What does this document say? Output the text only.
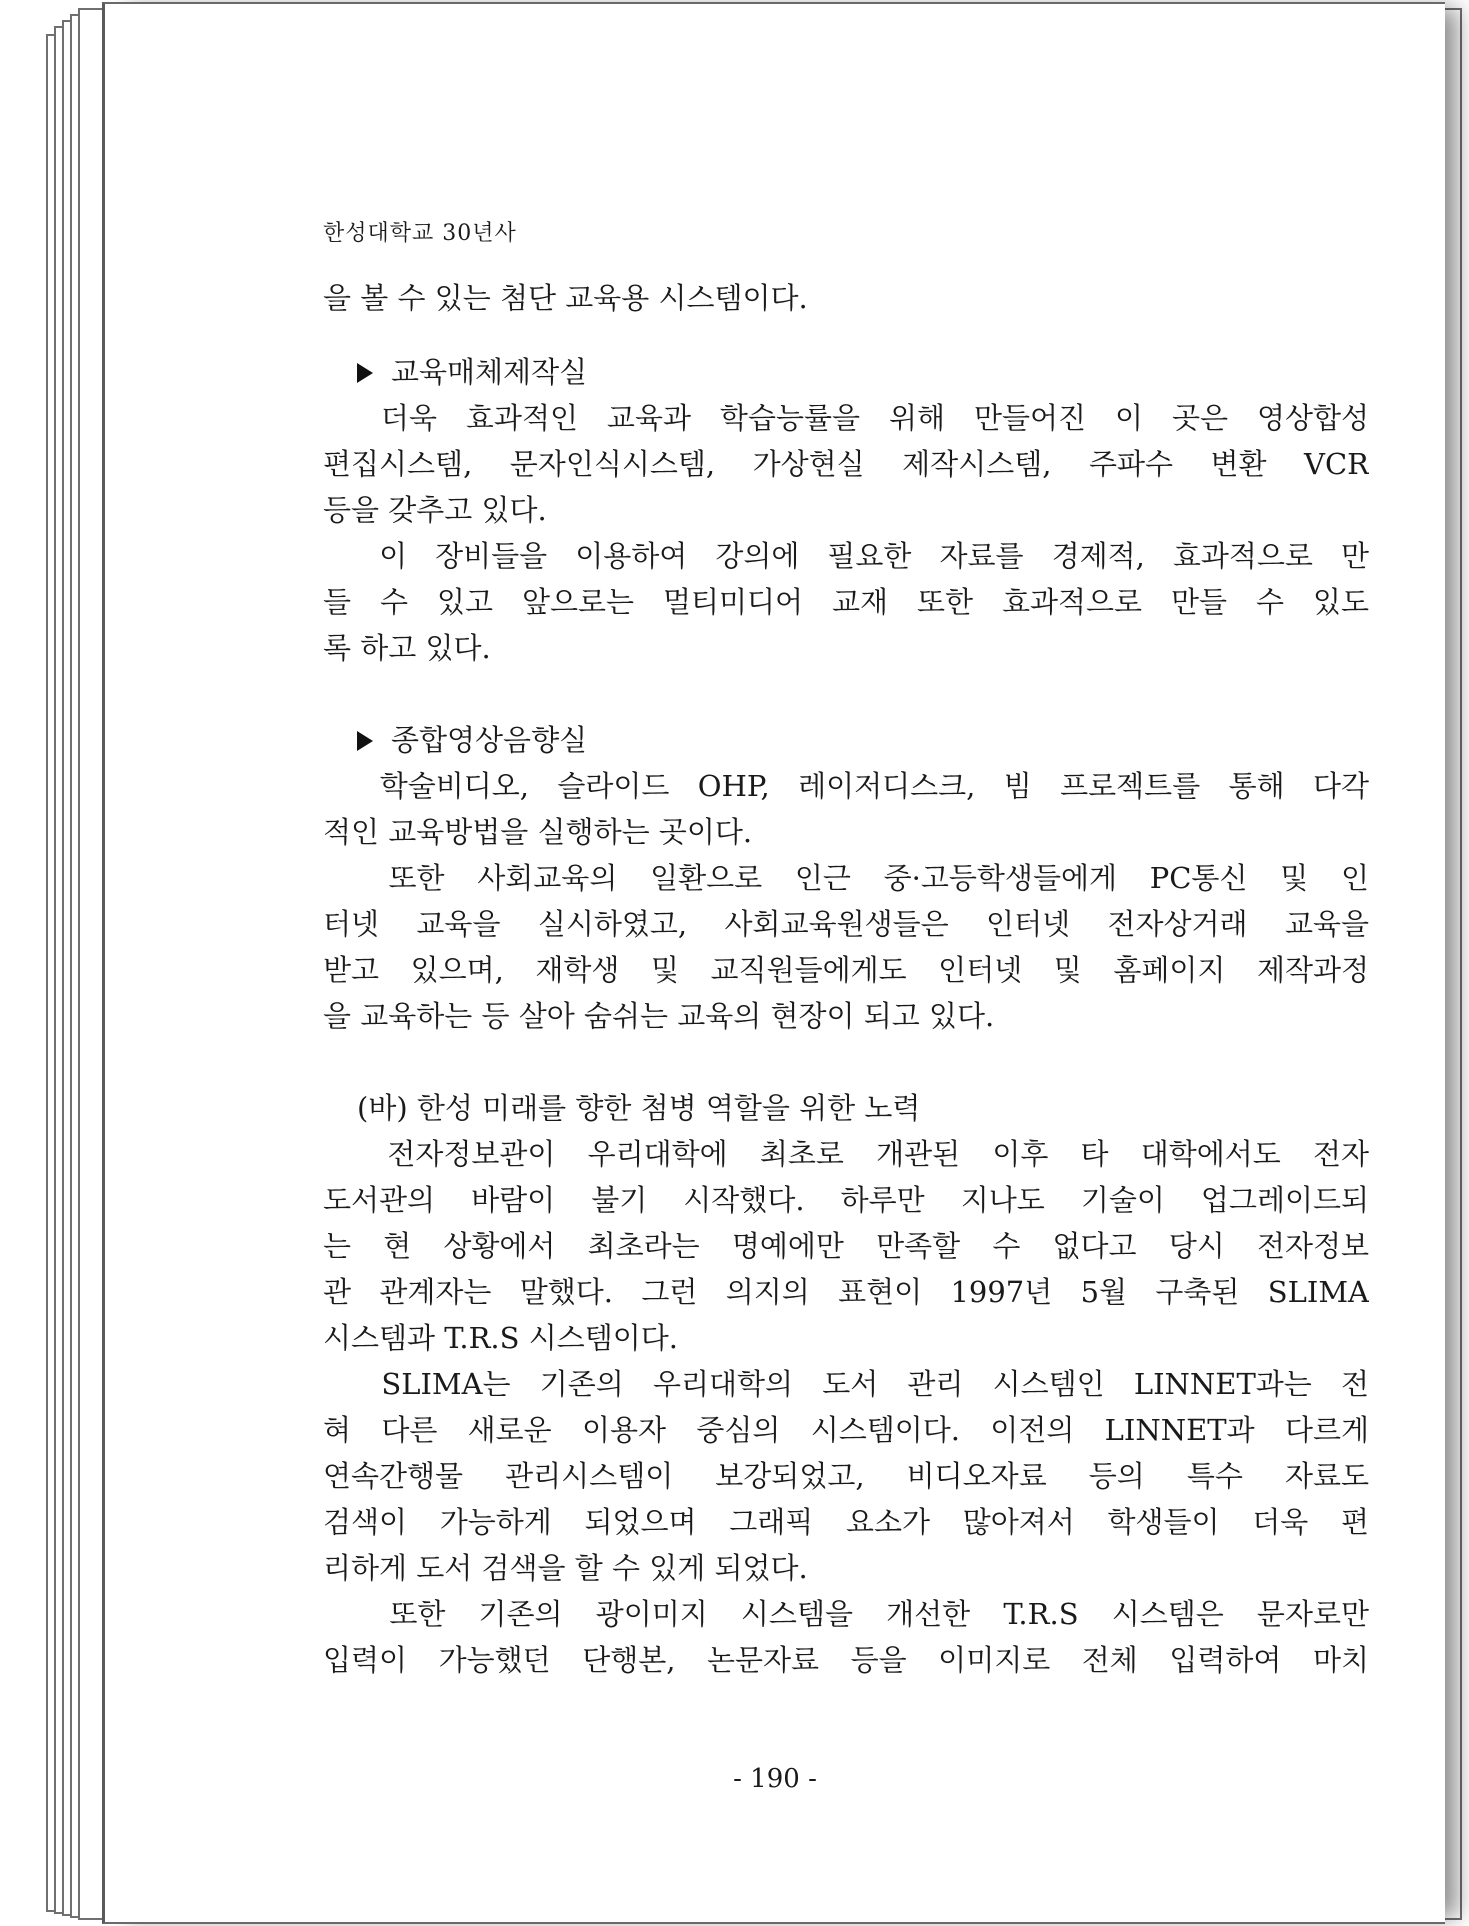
한성대학교 30년사
을 볼 수 있는 첨단 교육용 시스템이다.
교육매체제작실
더욱 효과적인 교육과 학습능률을 위해 만들어진 이 곳은 영상합성
편집시스템, 문자인식시스템, 가상현실 제작시스템, 주파수 변환 VCR
등을 갖추고 있다.
이 장비들을 이용하여 강의에 필요한 자료를 경제적, 효과적으로 만
들 수 있고 앞으로는 멀티미디어 교재 또한 효과적으로 만들 수 있도
록 하고 있다.
종합영상음향실
학술비디오, 슬라이드 OHP, 레이저디스크, 빔 프로젝트를 통해 다각
적인 교육방법을 실행하는 곳이다.
또한 사회교육의 일환으로 인근 중·고등학생들에게 PC통신 및 인
터넷 교육을 실시하였고, 사회교육원생들은 인터넷 전자상거래 교육을
받고 있으며, 재학생 및 교직원들에게도 인터넷 및 홈페이지 제작과정
을 교육하는 등 살아 숨쉬는 교육의 현장이 되고 있다.
(바) 한성 미래를 향한 첨병 역할을 위한 노력
전자정보관이 우리대학에 최초로 개관된 이후 타 대학에서도 전자
도서관의 바람이 불기 시작했다. 하루만 지나도 기술이 업그레이드되
는 현 상황에서 최초라는 명예에만 만족할 수 없다고 당시 전자정보
관 관계자는 말했다. 그런 의지의 표현이 1997년 5월 구축된 SLIMA
시스템과 T.R.S 시스템이다.
SLIMA는 기존의 우리대학의 도서 관리 시스템인 LINNET과는 전
혀 다른 새로운 이용자 중심의 시스템이다. 이전의 LINNET과 다르게
연속간행물 관리시스템이 보강되었고, 비디오자료 등의 특수 자료도
검색이 가능하게 되었으며 그래픽 요소가 많아져서 학생들이 더욱 편
리하게 도서 검색을 할 수 있게 되었다.
또한 기존의 광이미지 시스템을 개선한 T.R.S 시스템은 문자로만
입력이 가능했던 단행본, 논문자료 등을 이미지로 전체 입력하여 마치
- 190 -
